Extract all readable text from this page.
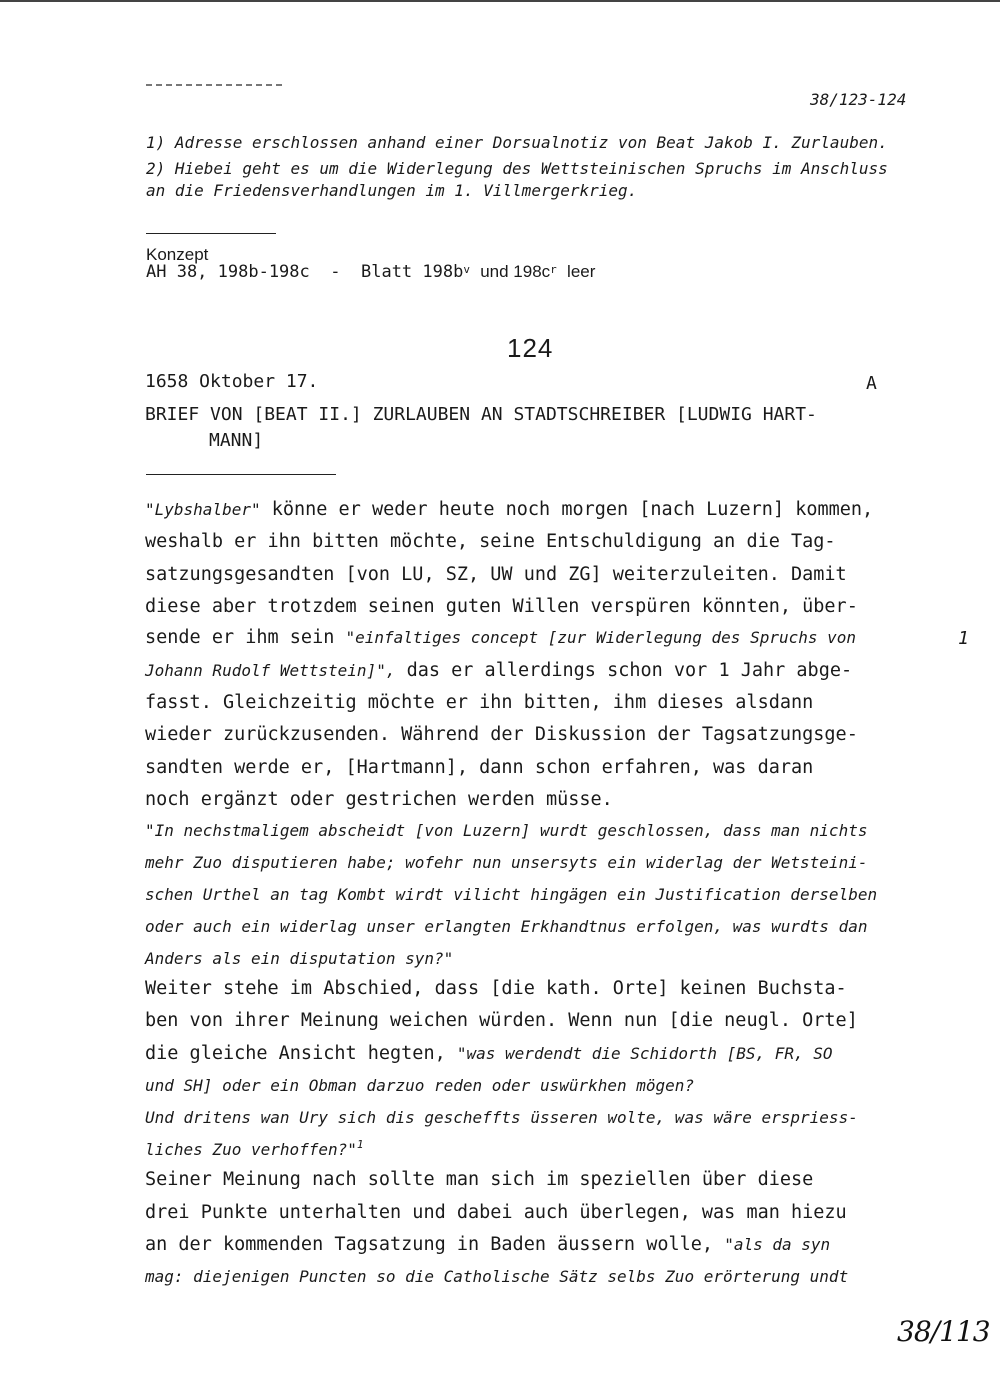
38/123-124
1) Adresse erschlossen anhand einer Dorsualnotiz von Beat Jakob I. Zurlauben.
2) Hiebei geht es um die Widerlegung des Wettsteinischen Spruchs im Anschluss
an die Friedensverhandlungen im 1. Villmergerkrieg.
Konzept
AH 38, 198b-198c - Blatt $198b^v$ und $198c^r$ leer
124
1658 Oktober 17.	A
BRIEF VON [BEAT II.] ZURLAUBEN AN STADTSCHREIBER [LUDWIG HART-
MANN]
"Lybshalber" könne er weder heute noch morgen [nach Luzern] kommen,
weshalb er ihn bitten möchte, seine Entschuldigung an die Tag-
satzungsgesandten [von LU, SZ, UW und ZG] weiterzuleiten. Damit
diese aber trotzdem seinen guten Willen verspüren könnten, über-
sende er ihm sein "einfaltiges concept [zur Widerlegung des Spruchs von
Johann Rudolf Wettstein]", das er allerdings schon vor 1 Jahr abge-
fasst. Gleichzeitig möchte er ihn bitten, ihm dieses alsdann
wieder zurückzusenden. Während der Diskussion der Tagsatzungsge-
sandten werde er, [Hartmann], dann schon erfahren, was daran
noch ergänzt oder gestrichen werden müsse.
"In nechstmaligem abscheidt [von Luzern] wurdt geschlossen, dass man nichts
mehr Zuo disputieren habe; wofehr nun unsersyts ein widerlag der Wetsteini-
schen Urthel an tag Kombt wirdt vilicht hingägen ein Justification derselben
oder auch ein widerlag unser erlangten Erkhandtnus erfolgen, was wurdts dan
Anders als ein disputation syn?"
Weiter stehe im Abschied, dass [die kath. Orte] keinen Buchsta-
ben von ihrer Meinung weichen würden. Wenn nun [die neugl. Orte]
die gleiche Ansicht hegten, "was werdendt die Schidorth [BS, FR, SO
und SH] oder ein Obman darzuo reden oder uswürkhen mögen?
Und dritens wan Ury sich dis gescheffts üsseren wolte, was wäre erspriess-
liches Zuo verhoffen?"$^1$
Seiner Meinung nach sollte man sich im speziellen über diese
drei Punkte unterhalten und dabei auch überlegen, was man hiezu
an der kommenden Tagsatzung in Baden äussern wolle, "als da syn
mag: diejenigen Puncten so die Catholische Sätz selbs Zuo erörterung undt
1
38/113
